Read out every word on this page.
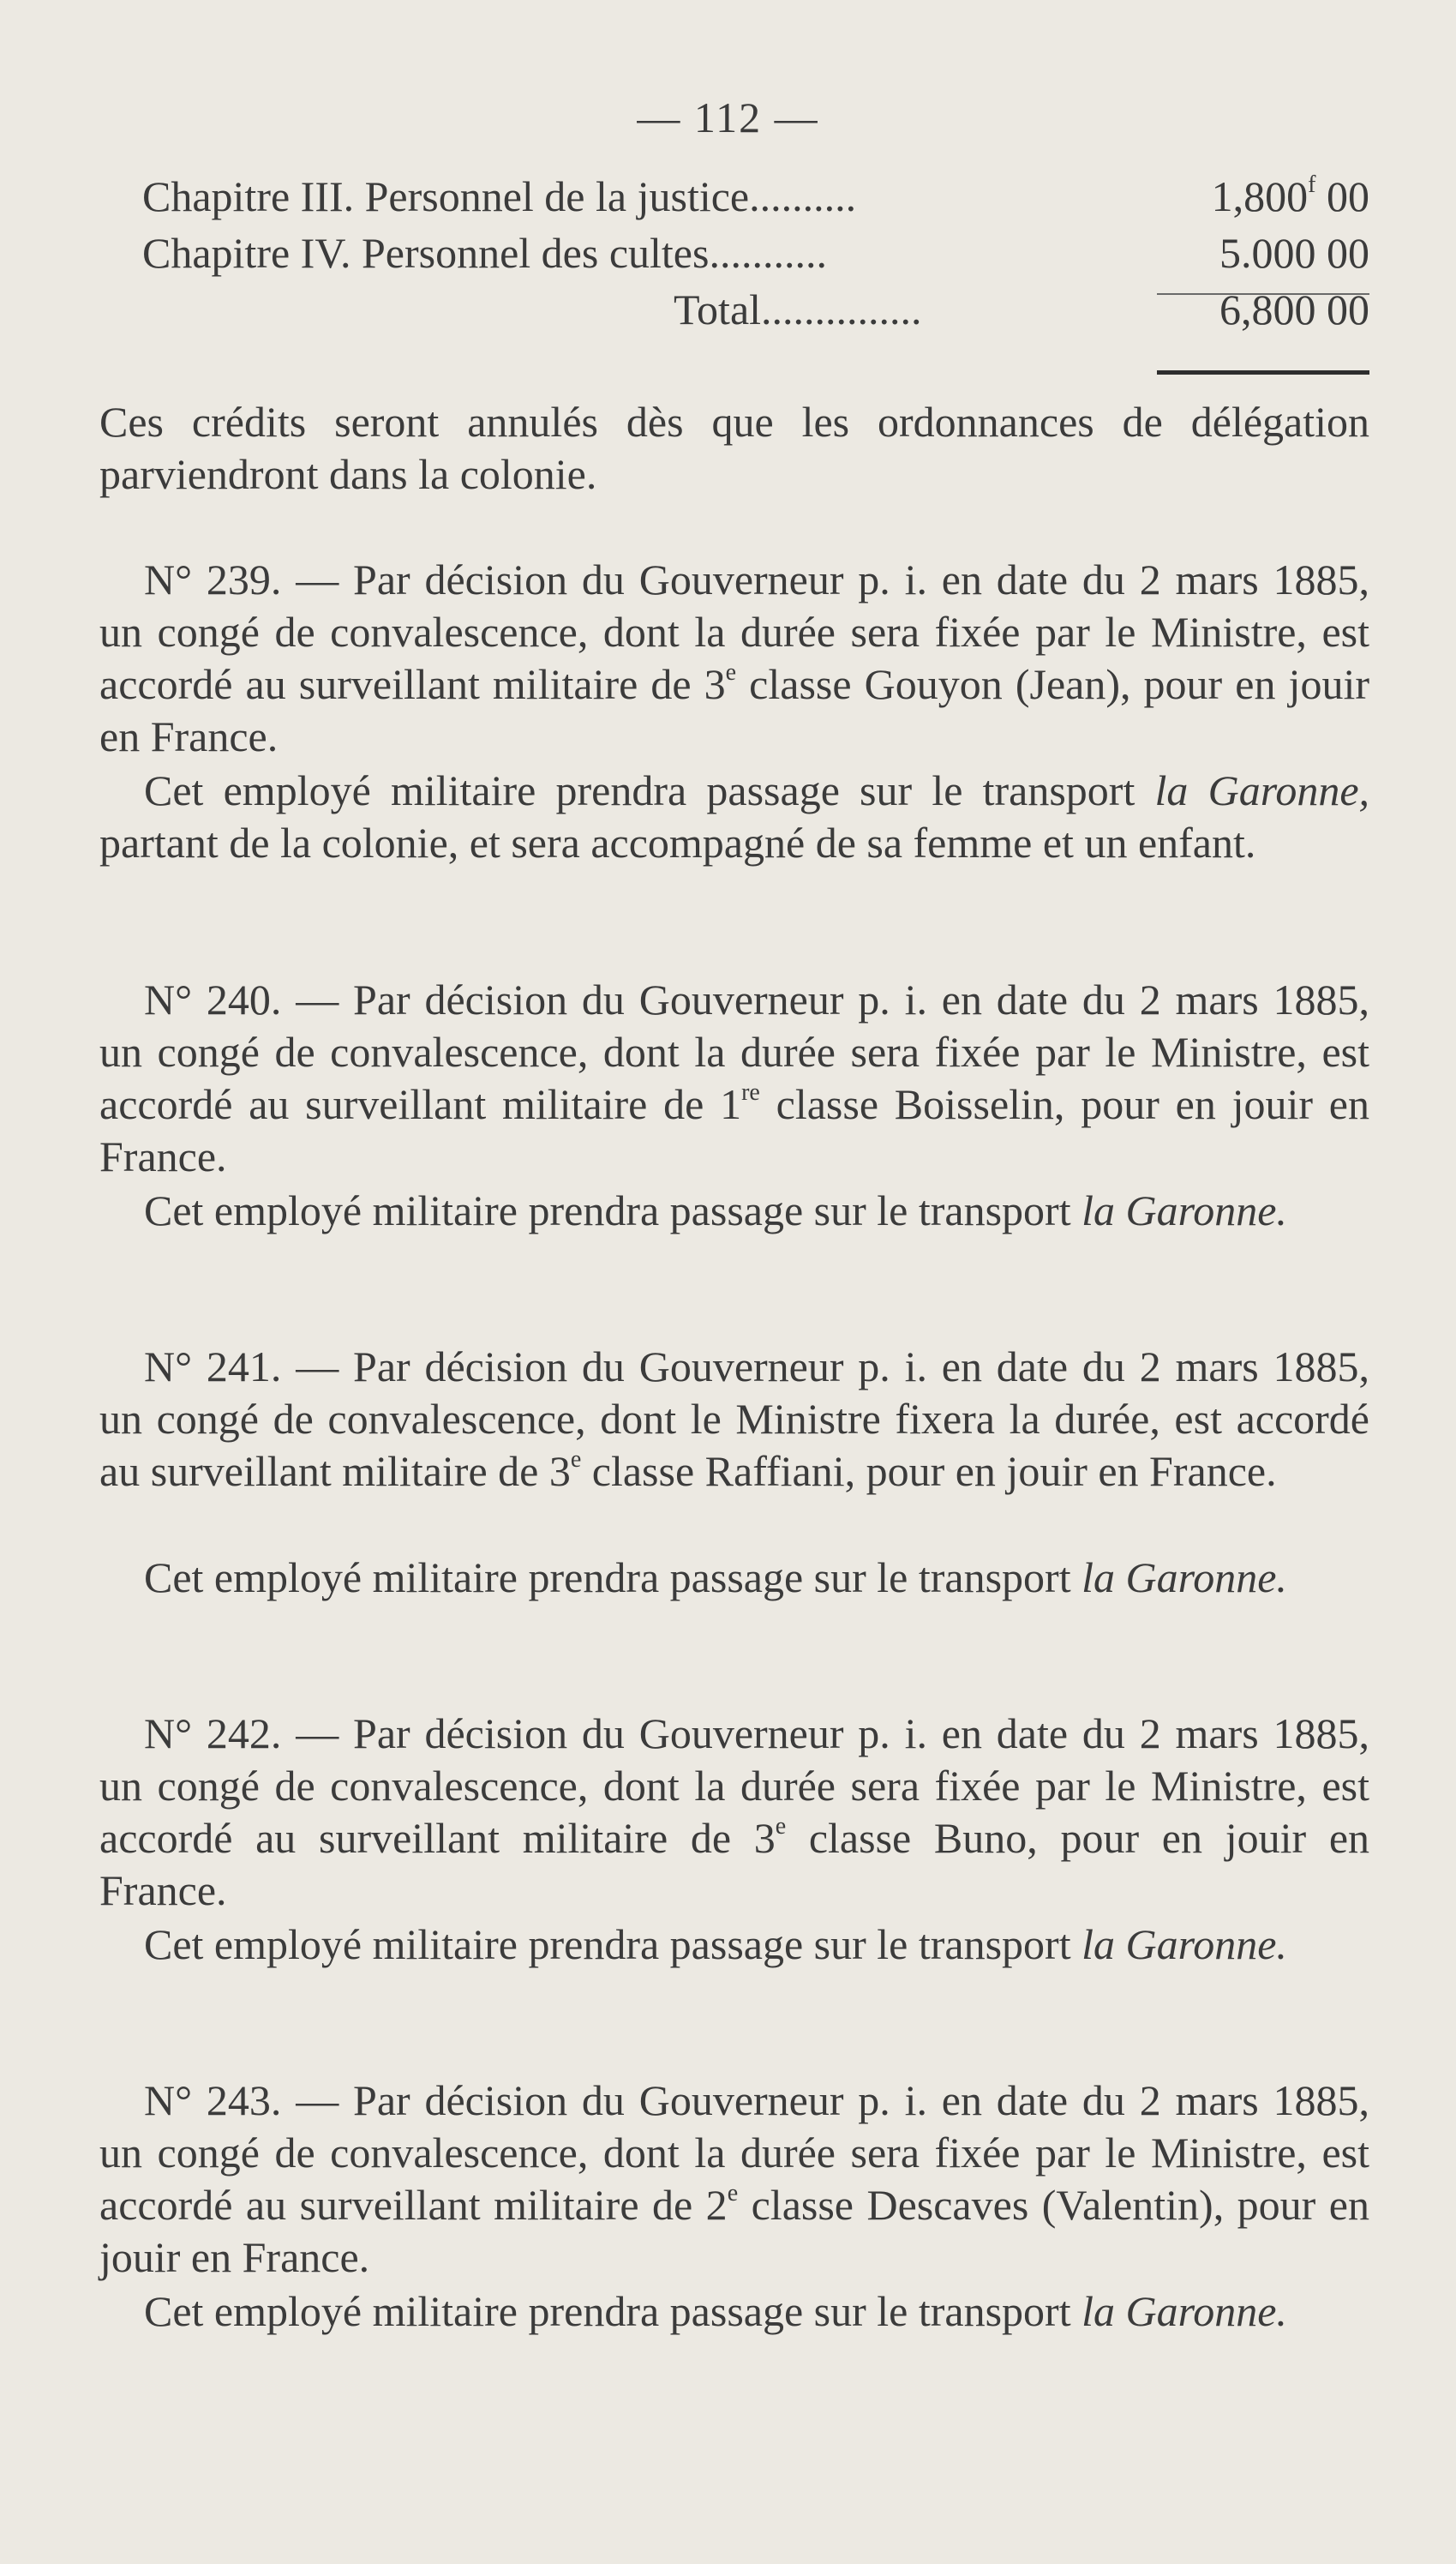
— 112 —
Chapitre III. Personnel de la justice..........	1,800$^f$ 00
Chapitre IV. Personnel des cultes...........	5.000 00
Total...............	6,800 00

Ces crédits seront annulés dès que les ordonnances de délégation parviendront dans la colonie.

N° 239. — Par décision du Gouverneur p. i. en date du 2 mars 1885, un congé de convalescence, dont la durée sera fixée par le Ministre, est accordé au surveillant militaire de 3e classe Gouyon (Jean), pour en jouir en France.

Cet employé militaire prendra passage sur le transport la Garonne, partant de la colonie, et sera accompagné de sa femme et un enfant.

N° 240. — Par décision du Gouverneur p. i. en date du 2 mars 1885, un congé de convalescence, dont la durée sera fixée par le Ministre, est accordé au surveillant militaire de 1re classe Boisselin, pour en jouir en France.

Cet employé militaire prendra passage sur le transport la Garonne.

N° 241. — Par décision du Gouverneur p. i. en date du 2 mars 1885, un congé de convalescence, dont le Ministre fixera la durée, est accordé au surveillant militaire de 3e classe Raffiani, pour en jouir en France.

Cet employé militaire prendra passage sur le transport la Garonne.

N° 242. — Par décision du Gouverneur p. i. en date du 2 mars 1885, un congé de convalescence, dont la durée sera fixée par le Ministre, est accordé au surveillant militaire de 3e classe Buno, pour en jouir en France.

Cet employé militaire prendra passage sur le transport la Garonne.

N° 243. — Par décision du Gouverneur p. i. en date du 2 mars 1885, un congé de convalescence, dont la durée sera fixée par le Ministre, est accordé au surveillant militaire de 2e classe Descaves (Valentin), pour en jouir en France.

Cet employé militaire prendra passage sur le transport la Garonne.
